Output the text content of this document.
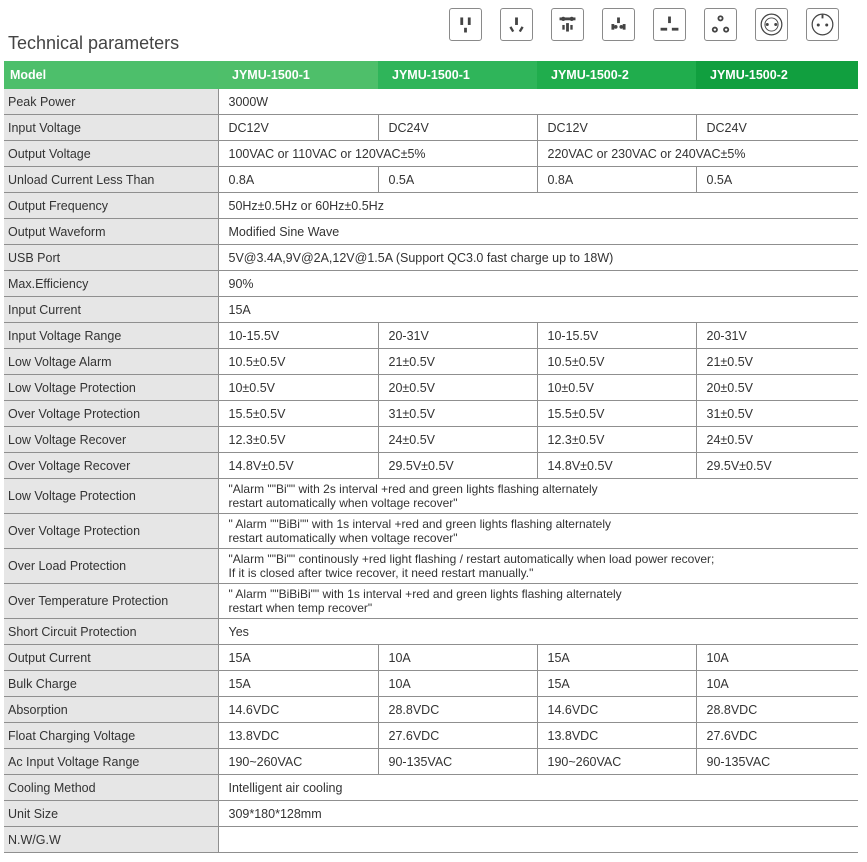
Technical parameters
Model	JYMU-1500-1	JYMU-1500-1	JYMU-1500-2	JYMU-1500-2
Peak Power	3000W			
Input Voltage	DC12V	DC24V	DC12V	DC24V
Output Voltage	100VAC or 110VAC or 120VAC±5%		220VAC or 230VAC or 240VAC±5%	
Unload Current Less Than	0.8A	0.5A	0.8A	0.5A
Output Frequency	50Hz±0.5Hz or 60Hz±0.5Hz			
Output Waveform	Modified Sine Wave			
USB Port	5V@3.4A,9V@2A,12V@1.5A (Support QC3.0 fast charge up to 18W)			
Max.Efficiency	90%			
Input Current	15A			
Input Voltage Range	10-15.5V	20-31V	10-15.5V	20-31V
Low Voltage Alarm	10.5±0.5V	21±0.5V	10.5±0.5V	21±0.5V
Low Voltage Protection	10±0.5V	20±0.5V	10±0.5V	20±0.5V
Over Voltage Protection	15.5±0.5V	31±0.5V	15.5±0.5V	31±0.5V
Low Voltage Recover	12.3±0.5V	24±0.5V	12.3±0.5V	24±0.5V
Over Voltage Recover	14.8V±0.5V	29.5V±0.5V	14.8V±0.5V	29.5V±0.5V
Low Voltage Protection	"Alarm ""Bi"" with 2s interval +red and green lights flashing alternately
restart automatically when voltage recover"			

Over Voltage Protection	" Alarm ""BiBi"" with 1s interval +red and green lights flashing alternately
restart automatically when voltage recover"			

Over Load Protection	"Alarm ""Bi"" continously +red light flashing / restart automatically when load power recover;
If it is closed after twice recover, it need restart manually."			

Over Temperature Protection	" Alarm ""BiBiBi"" with 1s interval +red and green lights flashing alternately
restart when temp recover"			

Short Circuit Protection	Yes			
Output Current	15A	10A	15A	10A
Bulk Charge	15A	10A	15A	10A
Absorption	14.6VDC	28.8VDC	14.6VDC	28.8VDC
Float Charging Voltage	13.8VDC	27.6VDC	13.8VDC	27.6VDC
Ac Input Voltage Range	190~260VAC	90-135VAC	190~260VAC	90-135VAC
Cooling Method	Intelligent air cooling			
Unit Size	309*180*128mm			
N.W/G.W				
